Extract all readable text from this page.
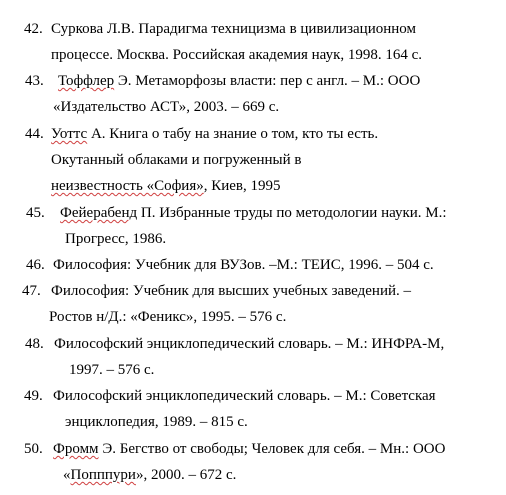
42. Суркова Л.В. Парадигма техницизма в цивилизационном
процессе. Москва. Российская академия наук, 1998. 164 с.
43. Тоффлер Э. Метаморфозы власти: пер с англ. – М.: ООО
«Издательство АСТ», 2003. – 669 с.
44. Уоттс А. Книга о табу на знание о том, кто ты есть.
Окутанный облаками и погруженный в
неизвестность «София», Киев, 1995
45. Фейерабенд П. Избранные труды по методологии науки. М.:
Прогресс, 1986.
46. Философия: Учебник для ВУЗов. –М.: ТЕИС, 1996. – 504 с.
47. Философия: Учебник для высших учебных заведений. –
Ростов н/Д.: «Феникс», 1995. – 576 с.
48. Философский энциклопедический словарь. – М.: ИНФРА-М,
1997. – 576 с.
49. Философский энциклопедический словарь. – М.: Советская
энциклопедия, 1989. – 815 с.
50. Фромм Э. Бегство от свободы; Человек для себя. – Мн.: ООО
«Попппури», 2000. – 672 с.
